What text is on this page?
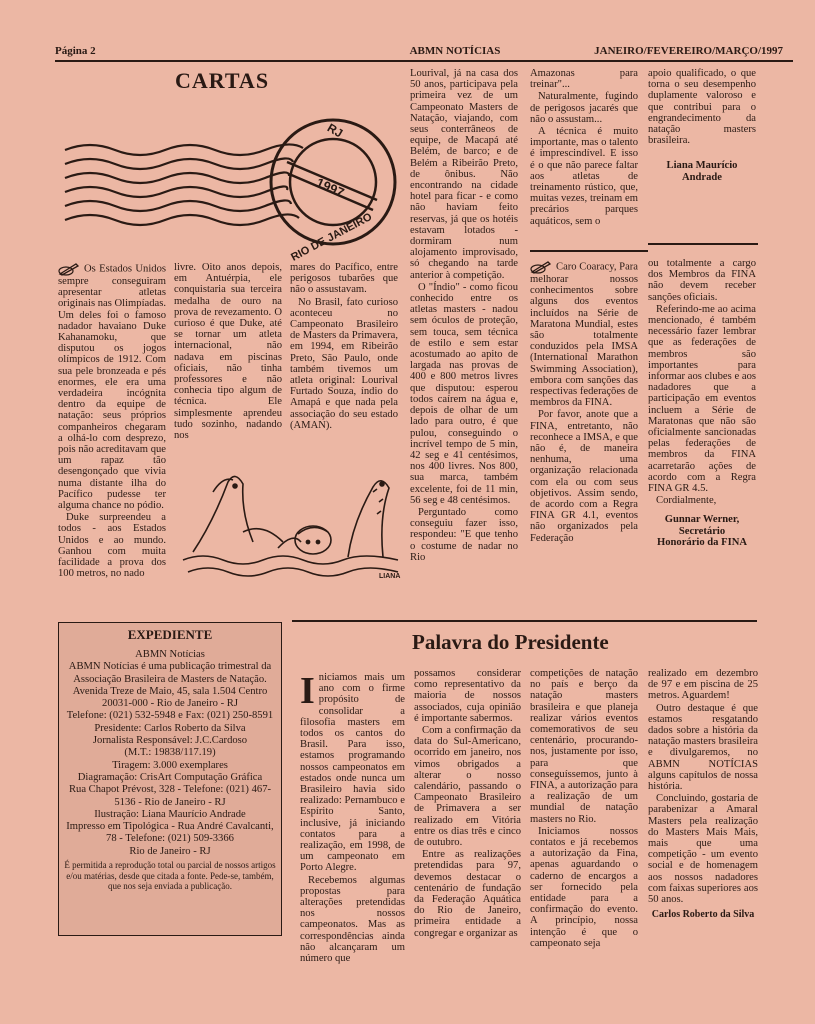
Página 2	ABMN NOTÍCIAS	JANEIRO/FEVEREIRO/MARÇO/1997
CARTAS
RJ
1997
RIO DE JANEIRO

Os Estados Unidos sempre conseguiram apresentar atletas originais nas Olimpíadas. Um deles foi o famoso nadador havaiano Duke Kahanamoku, que disputou os jogos olímpicos de 1912. Com sua pele bronzeada e pés enormes, ele era uma verdadeira incógnita dentro da equipe de natação: seus próprios companheiros chegaram a olhá-lo com desprezo, pois não acreditavam que um rapaz tão desengonçado que vivia numa distante ilha do Pacífico pudesse ter alguma chance no pódio.

Duke surpreendeu a todos - aos Estados Unidos e ao mundo. Ganhou com muita facilidade a prova dos 100 metros, no nado

livre. Oito anos depois, em Antuérpia, ele conquistaria sua terceira medalha de ouro na prova de revezamento. O curioso é que Duke, até se tornar um atleta internacional, não nadava em piscinas oficiais, não tinha professores e não conhecia tipo algum de técnica. Ele simplesmente aprendeu tudo sozinho, nadando nos

mares do Pacífico, entre perigosos tubarões que não o assustavam.

No Brasil, fato curioso aconteceu no Campeonato Brasileiro de Masters da Primavera, em 1994, em Ribeirão Preto, São Paulo, onde também tivemos um atleta original: Lourival Furtado Souza, índio do Amapá e que nada pela associação do seu estado (AMAN).

Lourival, já na casa dos 50 anos, participava pela primeira vez de um Campeonato Masters de Natação, viajando, com seus conterrâneos de equipe, de Macapá até Belém, de barco; e de Belém a Ribeirão Preto, de ônibus. Não encontrando na cidade hotel para ficar - e como não haviam feito reservas, já que os hotéis estavam lotados - dormiram num alojamento improvisado, só chegando na tarde anterior à competição.

O "Índio" - como ficou conhecido entre os atletas masters - nadou sem óculos de proteção, sem touca, sem técnica de estilo e sem estar acostumado ao apito de largada nas provas de 400 e 800 metros livres que disputou: esperou todos caírem na água e, depois de olhar de um lado para outro, é que pulou, conseguindo o incrível tempo de 5 min, 42 seg e 41 centésimos, nos 400 livres. Nos 800, sua marca, também excelente, foi de 11 min, 56 seg e 48 centésimos.

Perguntado como conseguiu fazer isso, respondeu: "E que tenho o costume de nadar no Rio

Amazonas para treinar"...

Naturalmente, fugindo de perigosos jacarés que não o assustam...

A técnica é muito importante, mas o talento é imprescindível. E isso é o que não parece faltar aos atletas de treinamento rústico, que, muitas vezes, treinam em precários parques aquáticos, sem o

apoio qualificado, o que torna o seu desempenho duplamente valoroso e que contribui para o engrandecimento da natação masters brasileira.

Liana Maurício Andrade

Caro Coaracy, Para melhorar nossos conhecimentos sobre alguns dos eventos incluídos na Série de Maratona Mundial, estes são totalmente conduzidos pela IMSA (International Marathon Swimming Association), embora com sanções das respectivas federações de membros da FINA.

Por favor, anote que a FINA, entretanto, não reconhece a IMSA, e que não é, de maneira nenhuma, uma organização relacionada com ela ou com seus objetivos. Assim sendo, de acordo com a Regra FINA GR 4.1, eventos não organizados pela Federação

ou totalmente a cargo dos Membros da FINA não devem receber sanções oficiais.

Referindo-me ao acima mencionado, é também necessário fazer lembrar que as federações de membros são importantes para informar aos clubes e aos nadadores que a participação em eventos incluem a Série de Maratonas que não são oficialmente sancionadas pelas federações de membros da FINA acarretarão ações de acordo com a Regra FINA GR 4.5.

Cordialmente,

Gunnar Werner,
Secretário
Honorário da FINA
LIANA
EXPEDIENTE
ABMN Notícias
ABMN Notícias é uma publicação trimestral da Associação Brasileira de Masters de Natação.
Avenida Treze de Maio, 45, sala 1.504 Centro
20031-000 - Rio de Janeiro - RJ
Telefone: (021) 532-5948 e Fax: (021) 250-8591
Presidente: Carlos Roberto da Silva
Jornalista Responsável: J.C.Cardoso
(M.T.: 19838/117.19)
Tiragem: 3.000 exemplares
Diagramação: CrisArt Computação Gráfica
Rua Chapot Prévost, 328 - Telefone: (021) 467-5136 - Rio de Janeiro - RJ
Ilustração: Liana Maurício Andrade
Impresso em Tipológica - Rua André Cavalcanti, 78 - Telefone: (021) 509-3366
Rio de Janeiro - RJ
É permitida a reprodução total ou parcial de nossos artigos e/ou matérias, desde que citada a fonte. Pede-se, também, que nos seja enviada a publicação.
Palavra do Presidente

Iniciamos mais um ano com o firme propósito de consolidar a filosofia masters em todos os cantos do Brasil. Para isso, estamos programando nossos campeonatos em estados onde nunca um Brasileiro havia sido realizado: Pernambuco e Espírito Santo, inclusive, já iniciando contatos para a realização, em 1998, de um campeonato em Porto Alegre.

Recebemos algumas propostas para alterações pretendidas nos nossos campeonatos. Mas as correspondências ainda não alcançaram um número que

possamos considerar como representativo da maioria de nossos associados, cuja opinião é importante sabermos.

Com a confirmação da data do Sul-Americano, ocorrido em janeiro, nos vimos obrigados a alterar o nosso calendário, passando o Campeonato Brasileiro de Primavera a ser realizado em Vitória entre os dias três e cinco de outubro.

Entre as realizações pretendidas para 97, devemos destacar o centenário de fundação da Federação Aquática do Rio de Janeiro, primeira entidade a congregar e organizar as

competições de natação no país e berço da natação masters brasileira e que planeja realizar vários eventos comemorativos de seu centenário, procurando-nos, justamente por isso, para que conseguíssemos, junto à FINA, a autorização para a realização de um mundial de natação masters no Rio.

Iniciamos nossos contatos e já recebemos a autorização da Fina, apenas aguardando o caderno de encargos a ser fornecido pela entidade para a confirmação do evento. A princípio, nossa intenção é que o campeonato seja

realizado em dezembro de 97 e em piscina de 25 metros. Aguardem!

Outro destaque é que estamos resgatando dados sobre a história da natação masters brasileira e divulgaremos, no ABMN NOTÍCIAS alguns capítulos de nossa história.

Concluindo, gostaria de parabenizar a Amaral Masters pela realização do Masters Mais Mais, mais que uma competição - um evento social e de homenagem aos nossos nadadores com faixas superiores aos 50 anos.

Carlos Roberto da Silva
